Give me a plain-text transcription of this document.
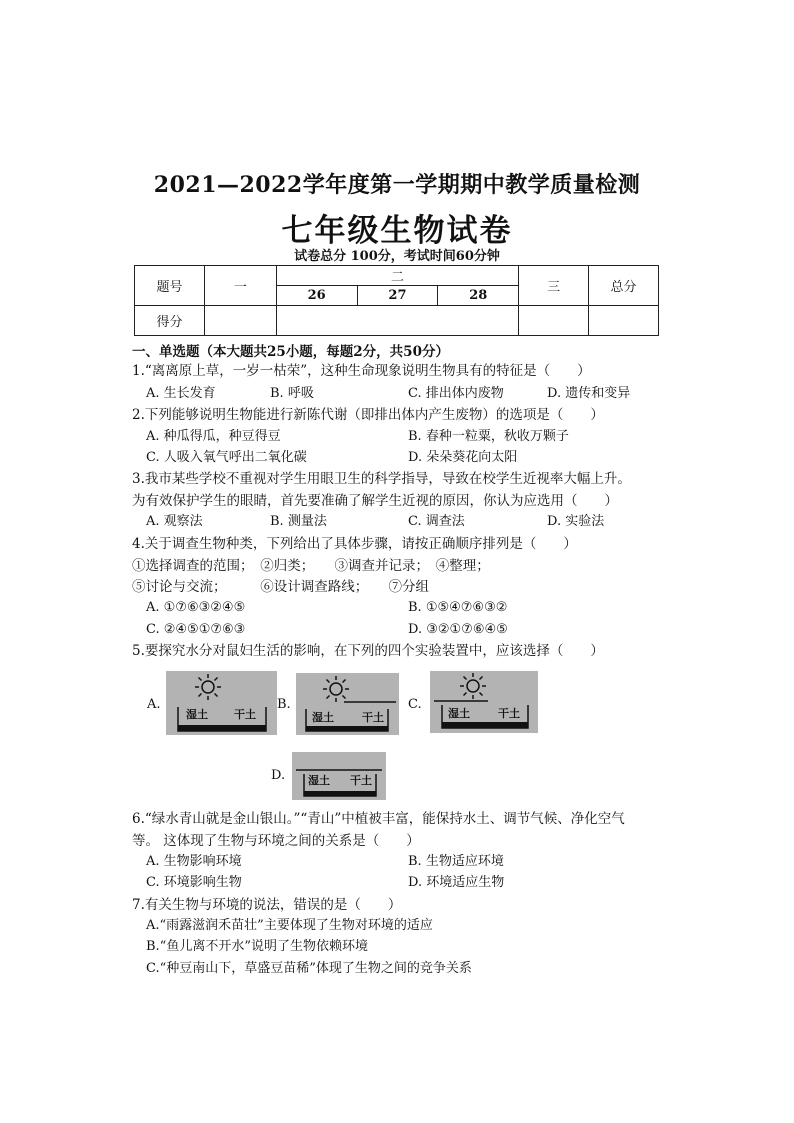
2021—2022学年度第一学期期中教学质量检测
七年级生物试卷
试卷总分 100分，考试时间60分钟
题号	一	二			三	总分
		26	27	28		
得分						
一、单选题（本大题共25小题，每题2分，共50分）
1.“离离原上草，一岁一枯荣”，这种生命现象说明生物具有的特征是（　　）
A. 生长发育	B. 呼吸	C. 排出体内废物	D. 遗传和变异
2.下列能够说明生物能进行新陈代谢（即排出体内产生废物）的选项是（　　）
A. 种瓜得瓜，种豆得豆	B. 春种一粒粟，秋收万颗子
C. 人吸入氧气呼出二氧化碳	D. 朵朵葵花向太阳
3.我市某些学校不重视对学生用眼卫生的科学指导，导致在校学生近视率大幅上升。
为有效保护学生的眼睛，首先要准确了解学生近视的原因，你认为应选用（　　）
A. 观察法	B. 测量法	C. 调查法	D. 实验法
4.关于调查生物种类，下列给出了具体步骤，请按正确顺序排列是（　　）
①选择调查的范围；　②归类；　　③调查并记录；　④整理；
⑤讨论与交流；　　　⑥设计调查路线；　　⑦分组
A. ①⑦⑥③②④⑤	B. ①⑤④⑦⑥③②
C. ②④⑤①⑦⑥③	D. ③②①⑦⑥④⑤
5.要探究水分对鼠妇生活的影响，在下列的四个实验装置中，应该选择（　　）
A.
湿土 干土
B.
湿土	干土
C.
湿土	干土
D. 湿土 干土
6.“绿水青山就是金山银山。”“青山”中植被丰富，能保持水土、调节气候、净化空气
等。 这体现了生物与环境之间的关系是（　　）
A. 生物影响环境	B. 生物适应环境
C. 环境影响生物	D. 环境适应生物
7.有关生物与环境的说法，错误的是（　　）
A.“雨露滋润禾苗壮”主要体现了生物对环境的适应
B.“鱼儿离不开水”说明了生物依赖环境
C.“种豆南山下，草盛豆苗稀”体现了生物之间的竞争关系
